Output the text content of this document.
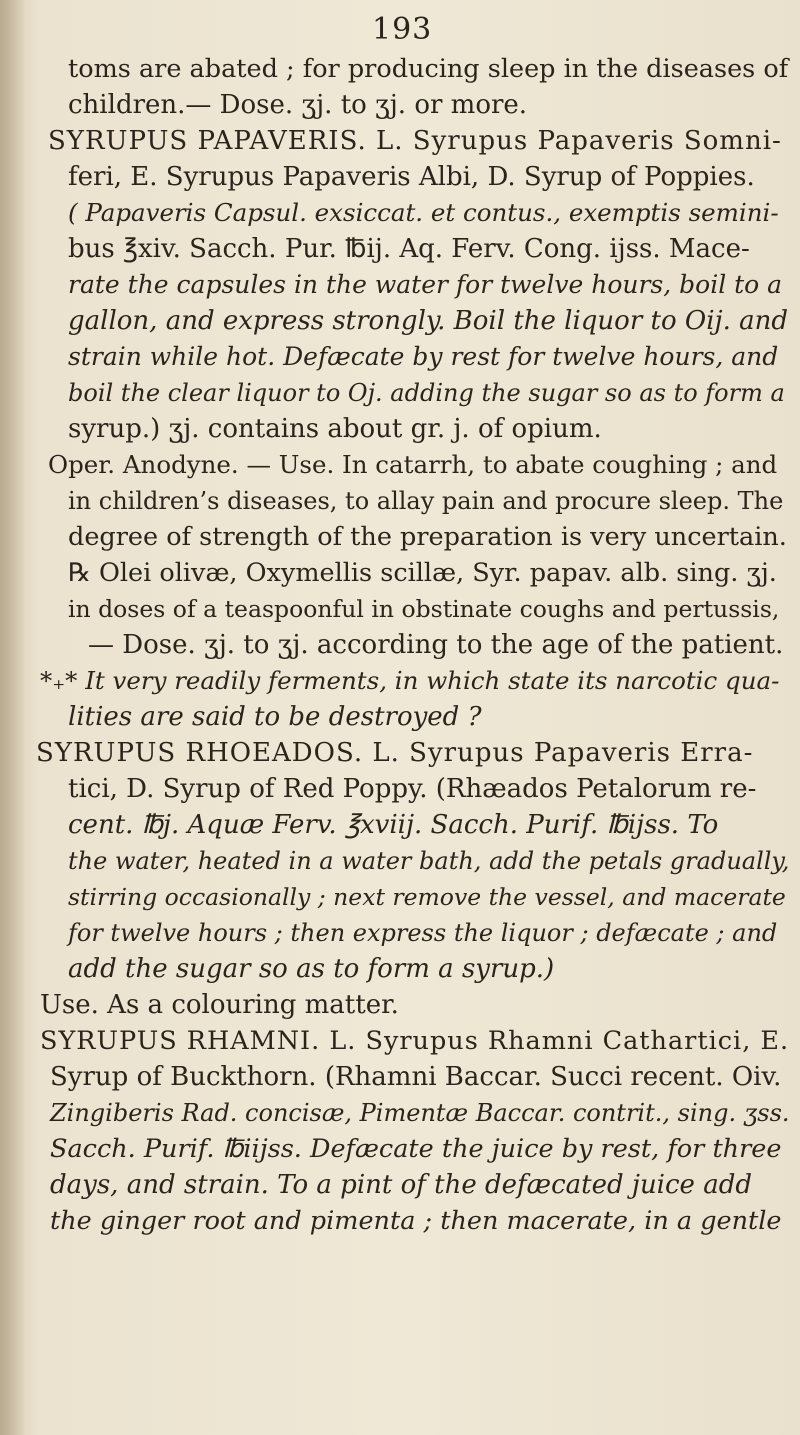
193
toms are abated ; for producing sleep in the diseases of
children.— Dose. ʒj. to ʒj. or more.
SYRUPUS PAPAVERIS. L. Syrupus Papaveris Somni-
feri, E. Syrupus Papaveris Albi, D. Syrup of Poppies.
( Papaveris Capsul. exsiccat. et contus., exemptis semini-
bus ℥xiv. Sacch. Pur. ℔ij. Aq. Ferv. Cong. ijss. Mace-
rate the capsules in the water for twelve hours, boil to a
gallon, and express strongly. Boil the liquor to Oij. and
strain while hot. Defæcate by rest for twelve hours, and
boil the clear liquor to Oj. adding the sugar so as to form a
syrup.) ʒj. contains about gr. j. of opium.
Oper. Anodyne. — Use. In catarrh, to abate coughing ; and
in children’s diseases, to allay pain and procure sleep. The
degree of strength of the preparation is very uncertain.
℞ Olei olivæ, Oxymellis scillæ, Syr. papav. alb. sing. ʒj.
in doses of a teaspoonful in obstinate coughs and pertussis,
— Dose. ʒj. to ʒj. according to the age of the patient.
*₊* It very readily ferments, in which state its narcotic qua-
lities are said to be destroyed ?
SYRUPUS RHOEADOS. L. Syrupus Papaveris Erra-
tici, D. Syrup of Red Poppy. (Rhæados Petalorum re-
cent. ℔j. Aquæ Ferv. ℥xviij. Sacch. Purif. ℔ijss. To
the water, heated in a water bath, add the petals gradually,
stirring occasionally ; next remove the vessel, and macerate
for twelve hours ; then express the liquor ; defæcate ; and
add the sugar so as to form a syrup.)
Use. As a colouring matter.
SYRUPUS RHAMNI. L. Syrupus Rhamni Cathartici, E.
Syrup of Buckthorn. (Rhamni Baccar. Succi recent. Oiv.
Zingiberis Rad. concisæ, Pimentæ Baccar. contrit., sing. ʒss.
Sacch. Purif. ℔iijss. Defæcate the juice by rest, for three
days, and strain. To a pint of the defæcated juice add
the ginger root and pimenta ; then macerate, in a gentle
